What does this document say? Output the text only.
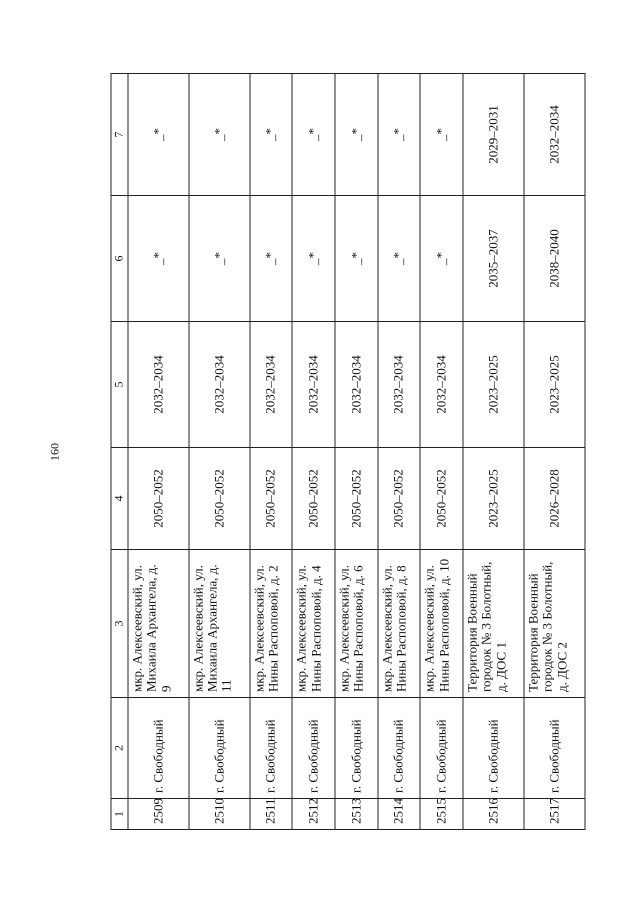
160
1	2	3	4	5	6	7
2509	г. Свободный	мкр. Алексеевский, ул. Михаила Архангела, д. 9	2050–2052	2032–2034	_*	_*
2510	г. Свободный	мкр. Алексеевский, ул. Михаила Архангела, д. 11	2050–2052	2032–2034	_*	_*
2511	г. Свободный	мкр. Алексеевский, ул. Нины Распоповой, д. 2	2050–2052	2032–2034	_*	_*
2512	г. Свободный	мкр. Алексеевский, ул. Нины Распоповой, д. 4	2050–2052	2032–2034	_*	_*
2513	г. Свободный	мкр. Алексеевский, ул. Нины Распоповой, д. 6	2050–2052	2032–2034	_*	_*
2514	г. Свободный	мкр. Алексеевский, ул. Нины Распоповой, д. 8	2050–2052	2032–2034	_*	_*
2515	г. Свободный	мкр. Алексеевский, ул. Нины Распоповой, д. 10	2050–2052	2032–2034	_*	_*
2516	г. Свободный	Территория Военный городок № 3 Болотный, д. ДОС 1	2023–2025	2023–2025	2035–2037	2029–2031
2517	г. Свободный	Территория Военный городок № 3 Болотный, д. ДОС 2	2026–2028	2023–2025	2038–2040	2032–2034
